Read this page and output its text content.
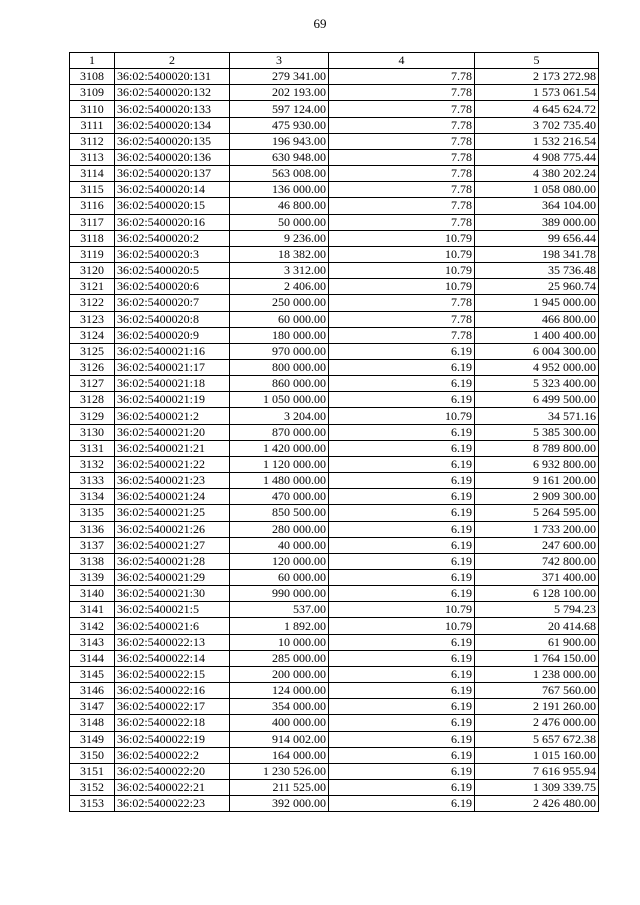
69
1	2	3	4	5
3108	36:02:5400020:131	279 341.00	7.78	2 173 272.98
3109	36:02:5400020:132	202 193.00	7.78	1 573 061.54
3110	36:02:5400020:133	597 124.00	7.78	4 645 624.72
3111	36:02:5400020:134	475 930.00	7.78	3 702 735.40
3112	36:02:5400020:135	196 943.00	7.78	1 532 216.54
3113	36:02:5400020:136	630 948.00	7.78	4 908 775.44
3114	36:02:5400020:137	563 008.00	7.78	4 380 202.24
3115	36:02:5400020:14	136 000.00	7.78	1 058 080.00
3116	36:02:5400020:15	46 800.00	7.78	364 104.00
3117	36:02:5400020:16	50 000.00	7.78	389 000.00
3118	36:02:5400020:2	9 236.00	10.79	99 656.44
3119	36:02:5400020:3	18 382.00	10.79	198 341.78
3120	36:02:5400020:5	3 312.00	10.79	35 736.48
3121	36:02:5400020:6	2 406.00	10.79	25 960.74
3122	36:02:5400020:7	250 000.00	7.78	1 945 000.00
3123	36:02:5400020:8	60 000.00	7.78	466 800.00
3124	36:02:5400020:9	180 000.00	7.78	1 400 400.00
3125	36:02:5400021:16	970 000.00	6.19	6 004 300.00
3126	36:02:5400021:17	800 000.00	6.19	4 952 000.00
3127	36:02:5400021:18	860 000.00	6.19	5 323 400.00
3128	36:02:5400021:19	1 050 000.00	6.19	6 499 500.00
3129	36:02:5400021:2	3 204.00	10.79	34 571.16
3130	36:02:5400021:20	870 000.00	6.19	5 385 300.00
3131	36:02:5400021:21	1 420 000.00	6.19	8 789 800.00
3132	36:02:5400021:22	1 120 000.00	6.19	6 932 800.00
3133	36:02:5400021:23	1 480 000.00	6.19	9 161 200.00
3134	36:02:5400021:24	470 000.00	6.19	2 909 300.00
3135	36:02:5400021:25	850 500.00	6.19	5 264 595.00
3136	36:02:5400021:26	280 000.00	6.19	1 733 200.00
3137	36:02:5400021:27	40 000.00	6.19	247 600.00
3138	36:02:5400021:28	120 000.00	6.19	742 800.00
3139	36:02:5400021:29	60 000.00	6.19	371 400.00
3140	36:02:5400021:30	990 000.00	6.19	6 128 100.00
3141	36:02:5400021:5	537.00	10.79	5 794.23
3142	36:02:5400021:6	1 892.00	10.79	20 414.68
3143	36:02:5400022:13	10 000.00	6.19	61 900.00
3144	36:02:5400022:14	285 000.00	6.19	1 764 150.00
3145	36:02:5400022:15	200 000.00	6.19	1 238 000.00
3146	36:02:5400022:16	124 000.00	6.19	767 560.00
3147	36:02:5400022:17	354 000.00	6.19	2 191 260.00
3148	36:02:5400022:18	400 000.00	6.19	2 476 000.00
3149	36:02:5400022:19	914 002.00	6.19	5 657 672.38
3150	36:02:5400022:2	164 000.00	6.19	1 015 160.00
3151	36:02:5400022:20	1 230 526.00	6.19	7 616 955.94
3152	36:02:5400022:21	211 525.00	6.19	1 309 339.75
3153	36:02:5400022:23	392 000.00	6.19	2 426 480.00
